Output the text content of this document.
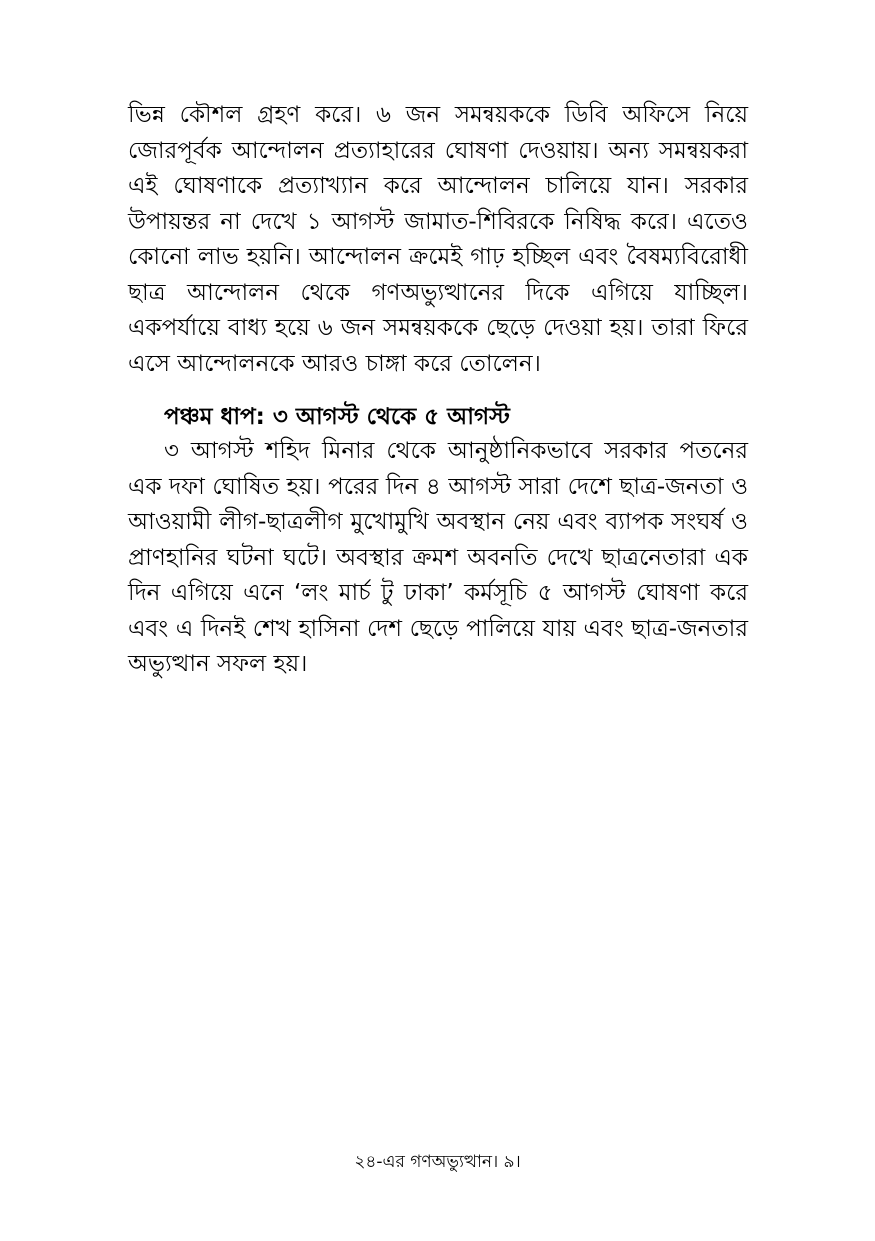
ভিন্ন কৌশল গ্রহণ করে। ৬ জন সমন্বয়ককে ডিবি অফিসে নিয়ে জোরপূর্বক আন্দোলন প্রত্যাহারের ঘোষণা দেওয়ায়। অন্য সমন্বয়করা এই ঘোষণাকে প্রত্যাখ্যান করে আন্দোলন চালিয়ে যান। সরকার উপায়ন্তর না দেখে ১ আগস্ট জামাত-শিবিরকে নিষিদ্ধ করে। এতেও কোনো লাভ হয়নি। আন্দোলন ক্রমেই গাঢ় হচ্ছিল এবং বৈষম্যবিরোধী ছাত্র আন্দোলন থেকে গণঅভ্যুত্থানের দিকে এগিয়ে যাচ্ছিল। একপর্যায়ে বাধ্য হয়ে ৬ জন সমন্বয়ককে ছেড়ে দেওয়া হয়। তারা ফিরে এসে আন্দোলনকে আরও চাঙ্গা করে তোলেন।

পঞ্চম ধাপ: ৩ আগস্ট থেকে ৫ আগস্ট

৩ আগস্ট শহিদ মিনার থেকে আনুষ্ঠানিকভাবে সরকার পতনের এক দফা ঘোষিত হয়। পরের দিন ৪ আগস্ট সারা দেশে ছাত্র-জনতা ও আওয়ামী লীগ-ছাত্রলীগ মুখোমুখি অবস্থান নেয় এবং ব্যাপক সংঘর্ষ ও প্রাণহানির ঘটনা ঘটে। অবস্থার ক্রমশ অবনতি দেখে ছাত্রনেতারা এক দিন এগিয়ে এনে ‘লং মার্চ টু ঢাকা’ কর্মসূচি ৫ আগস্ট ঘোষণা করে এবং এ দিনই শেখ হাসিনা দেশ ছেড়ে পালিয়ে যায় এবং ছাত্র-জনতার অভ্যুত্থান সফল হয়।

২৪-এর গণঅভ্যুত্থান। ৯।
